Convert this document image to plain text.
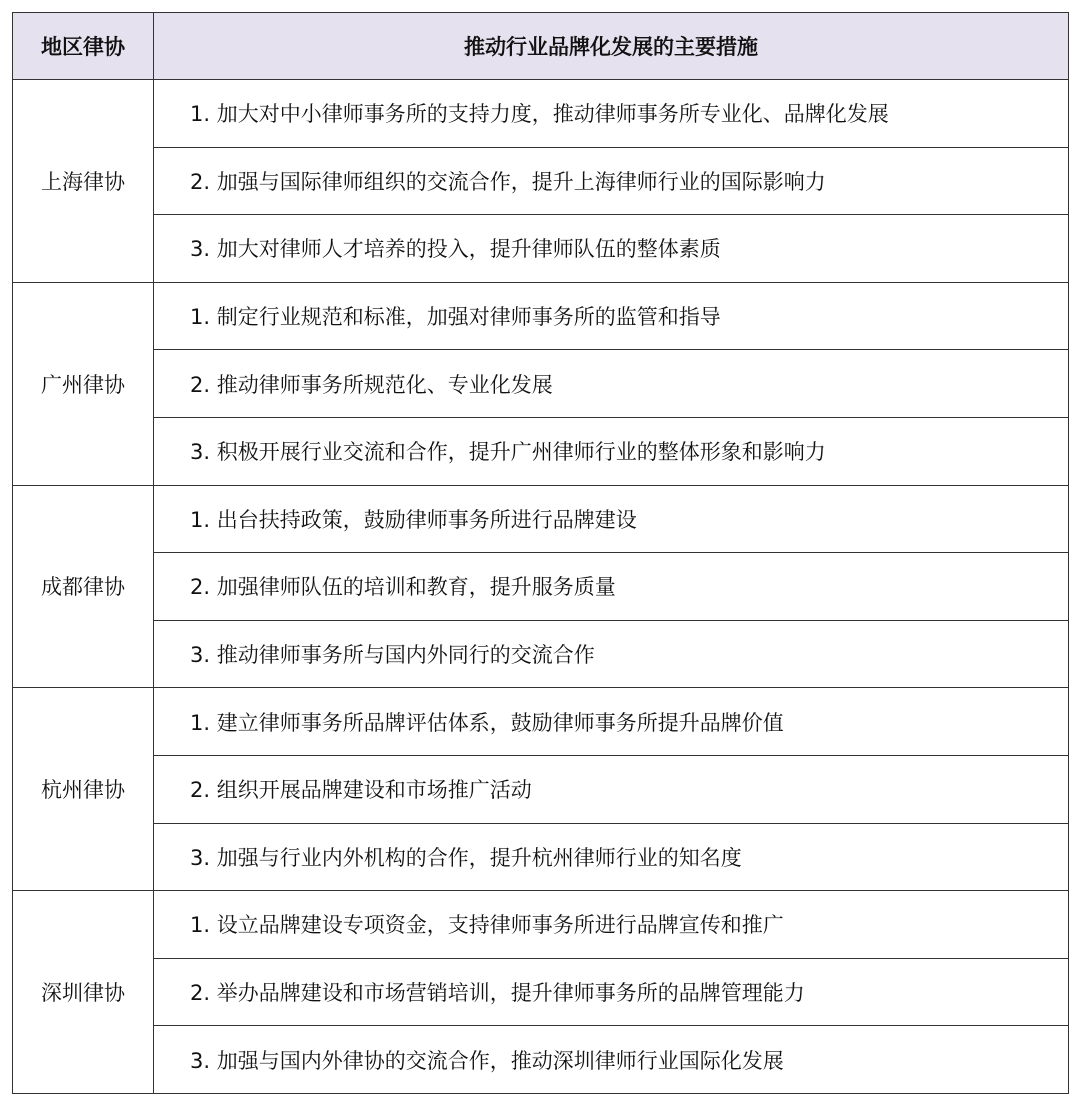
地区律协	推动行业品牌化发展的主要措施
上海律协	1. 加大对中小律师事务所的支持力度，推动律师事务所专业化、品牌化发展
	2. 加强与国际律师组织的交流合作，提升上海律师行业的国际影响力
	3. 加大对律师人才培养的投入，提升律师队伍的整体素质
广州律协	1. 制定行业规范和标准，加强对律师事务所的监管和指导
	2. 推动律师事务所规范化、专业化发展
	3. 积极开展行业交流和合作，提升广州律师行业的整体形象和影响力
成都律协	1. 出台扶持政策，鼓励律师事务所进行品牌建设
	2. 加强律师队伍的培训和教育，提升服务质量
	3. 推动律师事务所与国内外同行的交流合作
杭州律协	1. 建立律师事务所品牌评估体系，鼓励律师事务所提升品牌价值
	2. 组织开展品牌建设和市场推广活动
	3. 加强与行业内外机构的合作，提升杭州律师行业的知名度
深圳律协	1. 设立品牌建设专项资金，支持律师事务所进行品牌宣传和推广
	2. 举办品牌建设和市场营销培训，提升律师事务所的品牌管理能力
	3. 加强与国内外律协的交流合作，推动深圳律师行业国际化发展
